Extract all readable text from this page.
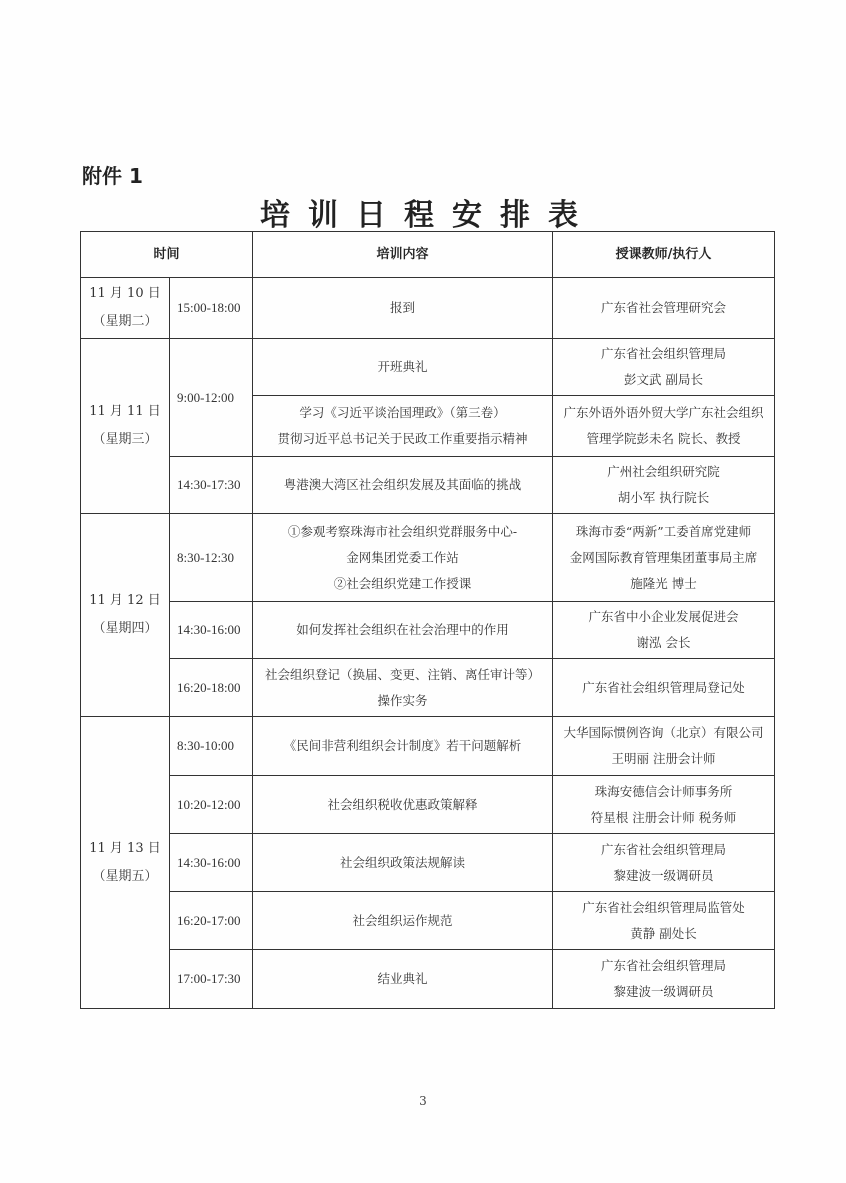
附件 1
培训日程安排表
时间		培训内容	授课教师/执行人

11 月 10 日
（星期二）	15:00-18:00	报到	广东省社会管理研究会

11 月 11 日
（星期三）	9:00-12:00	开班典礼	广东省社会组织管理局
彭文武 副局长

		学习《习近平谈治国理政》（第三卷）
贯彻习近平总书记关于民政工作重要指示精神	广东外语外语外贸大学广东社会组织
管理学院彭未名 院长、教授

	14:30-17:30	粤港澳大湾区社会组织发展及其面临的挑战	广州社会组织研究院
胡小军 执行院长

11 月 12 日
（星期四）	8:30-12:30	①参观考察珠海市社会组织党群服务中心-
金网集团党委工作站
②社会组织党建工作授课	珠海市委“两新”工委首席党建师
金网国际教育管理集团董事局主席
施隆光 博士

	14:30-16:00	如何发挥社会组织在社会治理中的作用	广东省中小企业发展促进会
谢泓 会长

	16:20-18:00	社会组织登记（换届、变更、注销、离任审计等）
操作实务	广东省社会组织管理局登记处

11 月 13 日
（星期五）	8:30-10:00	《民间非营利组织会计制度》若干问题解析	大华国际惯例咨询（北京）有限公司
王明丽 注册会计师

	10:20-12:00	社会组织税收优惠政策解释	珠海安德信会计师事务所
符星根 注册会计师 税务师

	14:30-16:00	社会组织政策法规解读	广东省社会组织管理局
黎建波一级调研员

	16:20-17:00	社会组织运作规范	广东省社会组织管理局监管处
黄静 副处长

	17:00-17:30	结业典礼	广东省社会组织管理局
黎建波一级调研员
3
